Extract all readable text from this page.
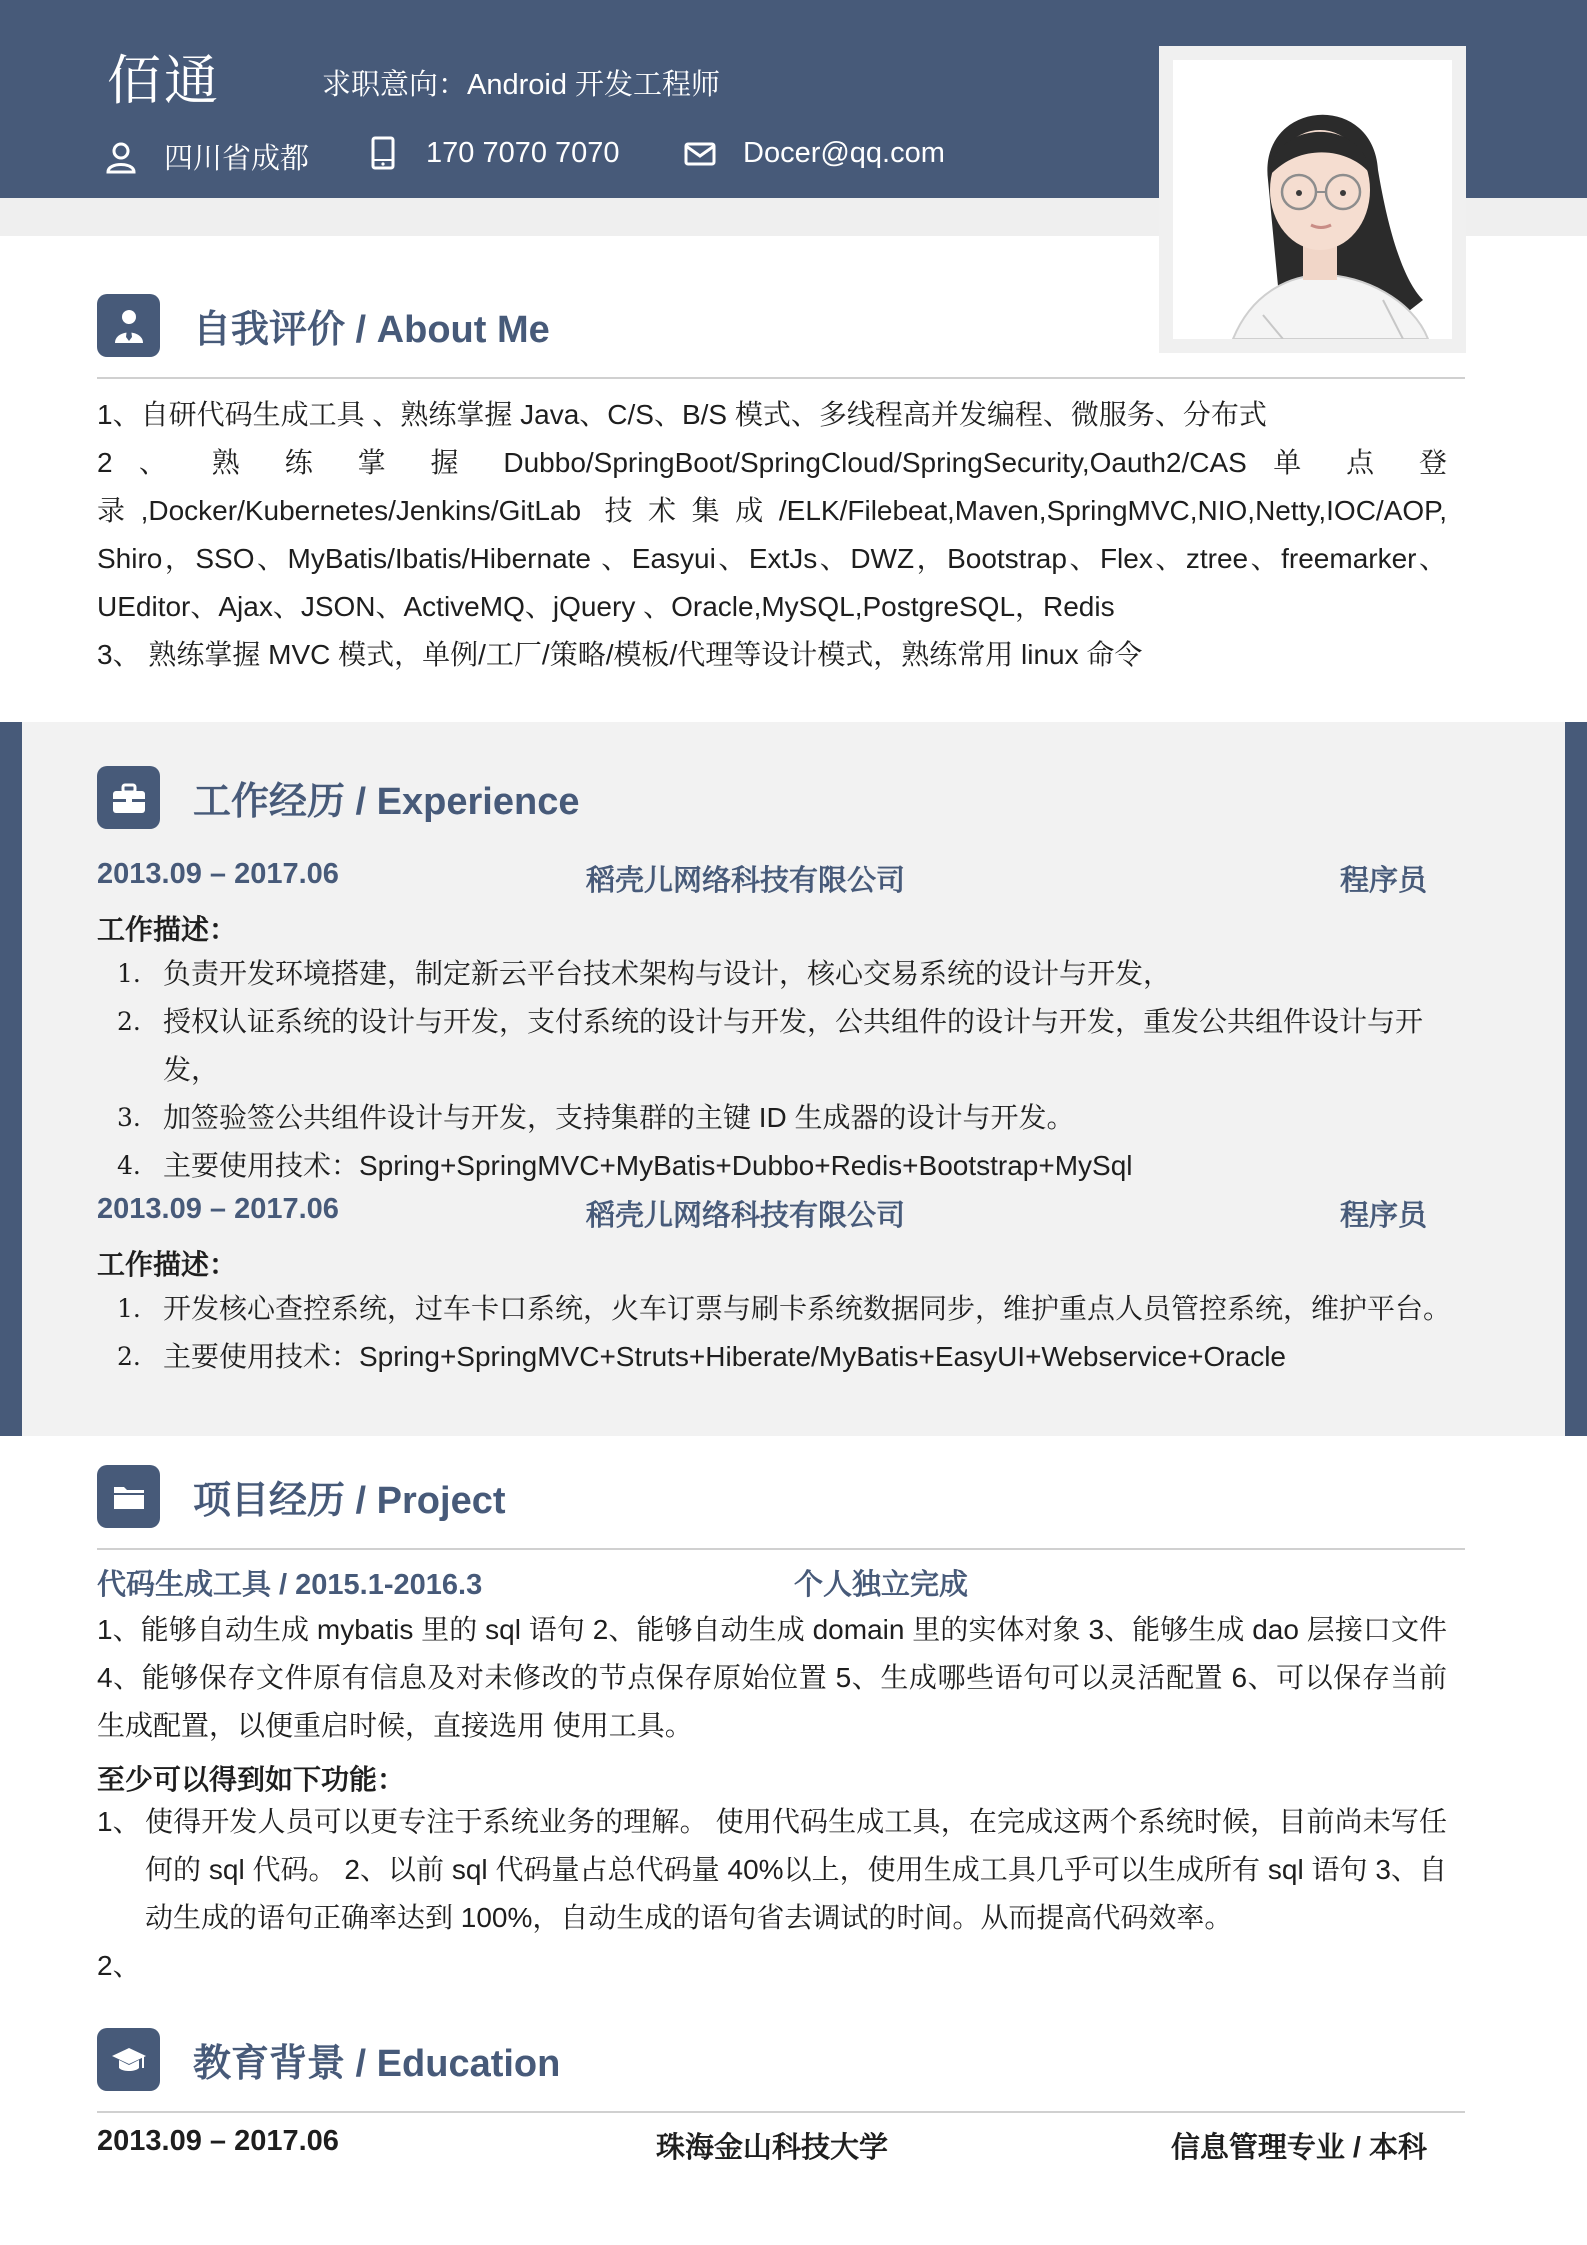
佰通	求职意向：Android 开发工程师
四川省成都	170 7070 7070	Docer@qq.com
自我评价 / About Me
1、自研代码生成工具 、熟练掌握 Java、C/S、B/S 模式、多线程高并发编程、微服务、分布式
2 、 熟 练 掌 握 Dubbo/SpringBoot/SpringCloud/SpringSecurity,Oauth2/CAS 单 点 登
录,Docker/Kubernetes/Jenkins/GitLab 技术集成/ELK/Filebeat,Maven,SpringMVC,NIO,Netty,IOC/AOP,
Shiro，SSO、MyBatis/Ibatis/Hibernate 、Easyui、ExtJs、DWZ，Bootstrap、Flex、ztree、freemarker、
UEditor、Ajax、JSON、ActiveMQ、jQuery 、Oracle,MySQL,PostgreSQL，Redis
3、 熟练掌握 MVC 模式，单例/工厂/策略/模板/代理等设计模式，熟练常用 linux 命令
工作经历 / Experience
2013.09 – 2017.06	稻壳儿网络科技有限公司	程序员
工作描述：
1. 负责开发环境搭建，制定新云平台技术架构与设计，核心交易系统的设计与开发，
2. 授权认证系统的设计与开发，支付系统的设计与开发，公共组件的设计与开发，重发公共组件设计与开发，
3. 加签验签公共组件设计与开发，支持集群的主键 ID 生成器的设计与开发。
4. 主要使用技术：Spring+SpringMVC+MyBatis+Dubbo+Redis+Bootstrap+MySql
2013.09 – 2017.06	稻壳儿网络科技有限公司	程序员
工作描述：
1. 开发核心查控系统，过车卡口系统，火车订票与刷卡系统数据同步，维护重点人员管控系统，维护平台。
2. 主要使用技术：Spring+SpringMVC+Struts+Hiberate/MyBatis+EasyUI+Webservice+Oracle
项目经历 / Project
代码生成工具 / 2015.1-2016.3	个人独立完成
1、能够自动生成 mybatis 里的 sql 语句 2、能够自动生成 domain 里的实体对象 3、能够生成 dao 层接口文件 4、能够保存文件原有信息及对未修改的节点保存原始位置 5、生成哪些语句可以灵活配置 6、可以保存当前生成配置，以便重启时候，直接选用 使用工具。
至少可以得到如下功能：
1、 使得开发人员可以更专注于系统业务的理解。 使用代码生成工具，在完成这两个系统时候，目前尚未写任何的 sql 代码。 2、以前 sql 代码量占总代码量 40%以上，使用生成工具几乎可以生成所有 sql 语句 3、自动生成的语句正确率达到 100%，自动生成的语句省去调试的时间。从而提高代码效率。
2、
教育背景 / Education
2013.09 – 2017.06	珠海金山科技大学	信息管理专业 / 本科
